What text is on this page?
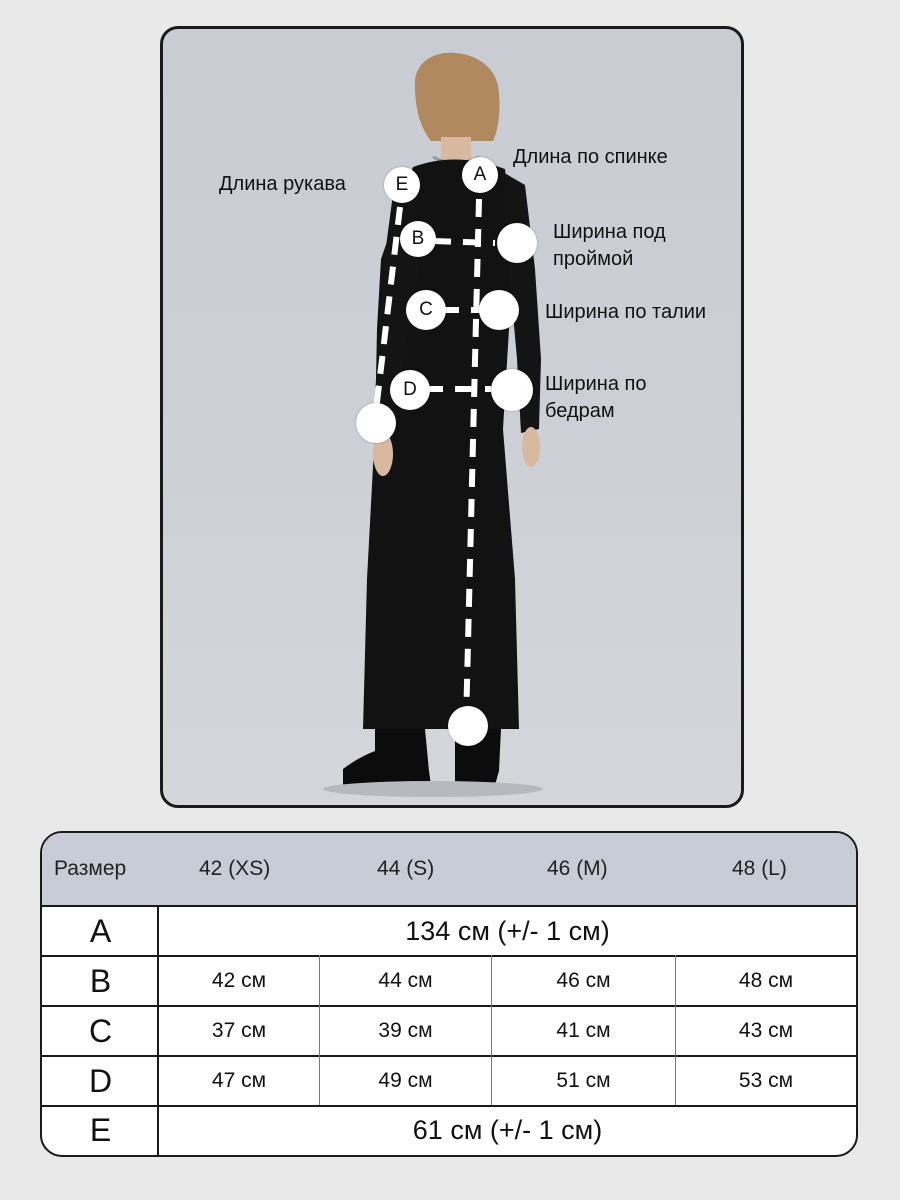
Длина по спинке
Длина рукава
Ширина под проймой
Ширина по талии
Ширина по бедрам
A
B
C
D
E
Размер	42 (XS)	44 (S)	46 (M)	48 (L)
A	134 см (+/- 1 см)
B	42 см	44 см	46 см	48 см
C	37 см	39 см	41 см	43 см
D	47 см	49 см	51 см	53 см
E	61 см (+/- 1 см)
